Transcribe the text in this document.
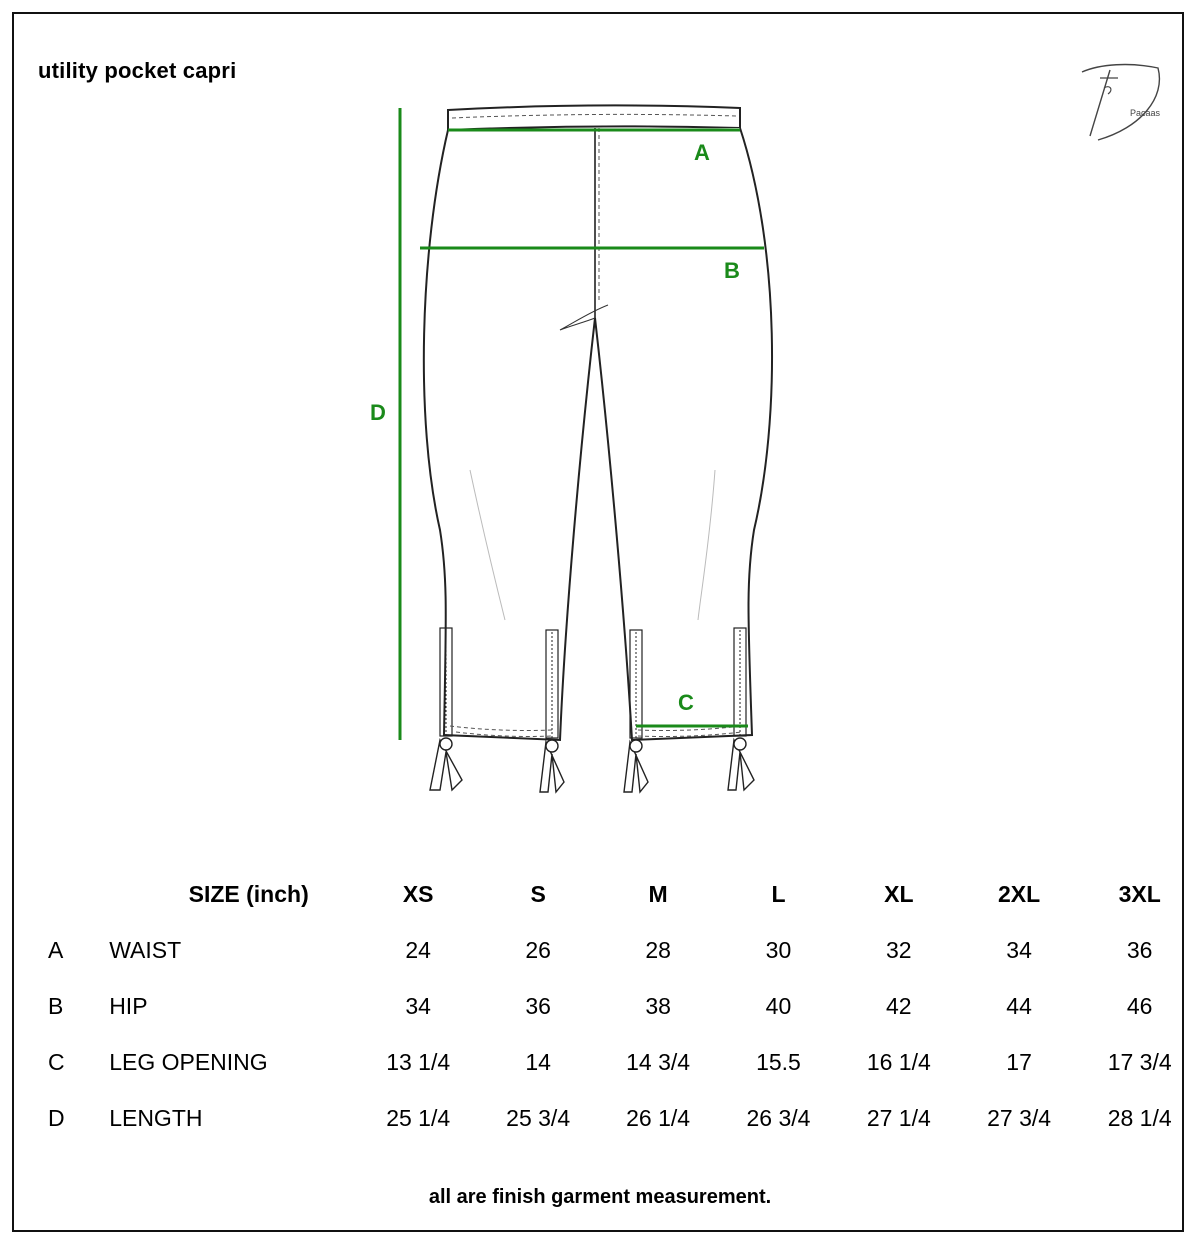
utility pocket capri
Pacaas
A
B
C
D
	SIZE (inch)	XS	S	M	L	XL	2XL	3XL
A	WAIST	24	26	28	30	32	34	36
B	HIP	34	36	38	40	42	44	46
C	LEG OPENING	13 1/4	14	14 3/4	15.5	16 1/4	17	17 3/4
D	LENGTH	25 1/4	25 3/4	26 1/4	26 3/4	27 1/4	27 3/4	28 1/4
all are finish garment measurement.
